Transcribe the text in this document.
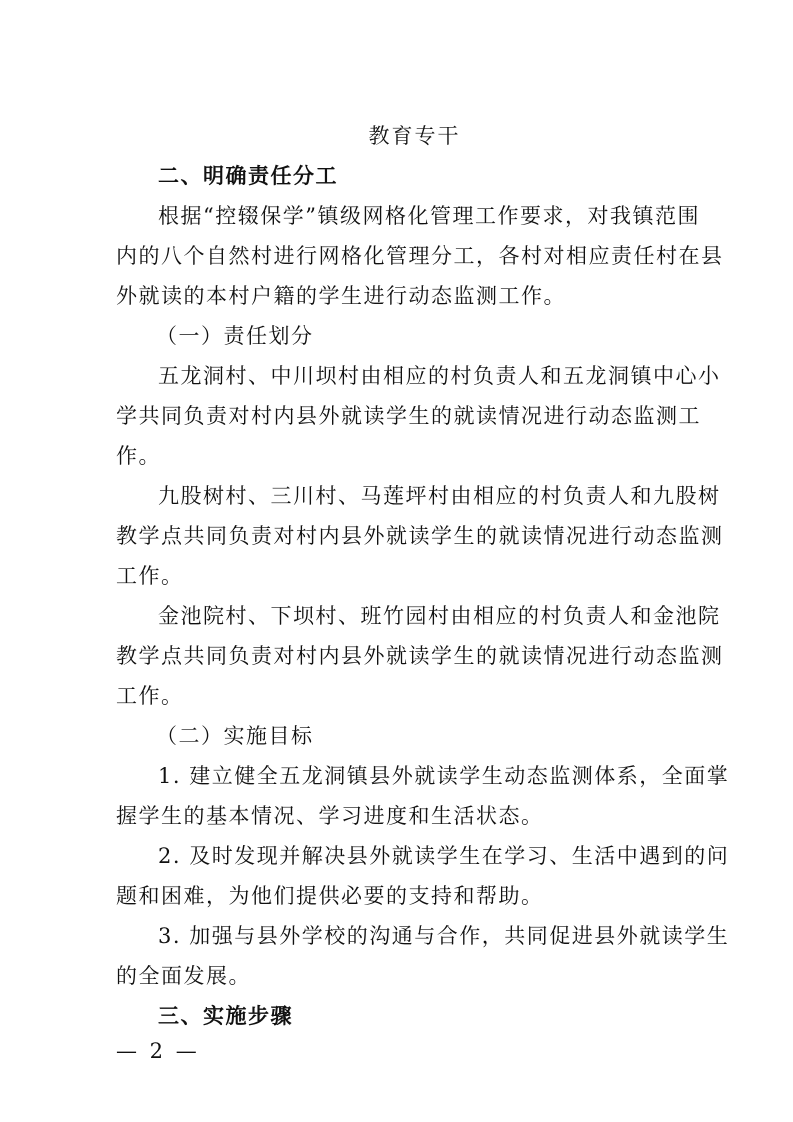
教育专干
二、明确责任分工
根据“控辍保学”镇级网格化管理工作要求，对我镇范围
内的八个自然村进行网格化管理分工，各村对相应责任村在县
外就读的本村户籍的学生进行动态监测工作。
（一）责任划分
五龙洞村、中川坝村由相应的村负责人和五龙洞镇中心小
学共同负责对村内县外就读学生的就读情况进行动态监测工
作。
九股树村、三川村、马莲坪村由相应的村负责人和九股树
教学点共同负责对村内县外就读学生的就读情况进行动态监测
工作。
金池院村、下坝村、班竹园村由相应的村负责人和金池院
教学点共同负责对村内县外就读学生的就读情况进行动态监测
工作。
（二）实施目标
1. 建立健全五龙洞镇县外就读学生动态监测体系，全面掌
握学生的基本情况、学习进度和生活状态。
2. 及时发现并解决县外就读学生在学习、生活中遇到的问
题和困难，为他们提供必要的支持和帮助。
3. 加强与县外学校的沟通与合作，共同促进县外就读学生
的全面发展。
三、实施步骤
— 2 —
